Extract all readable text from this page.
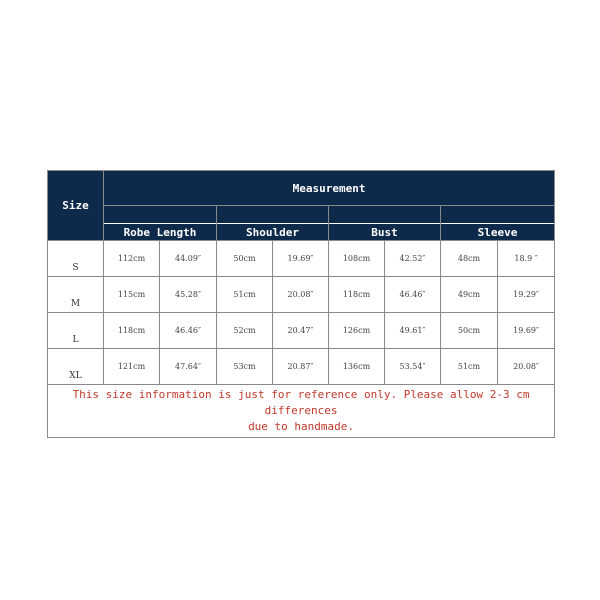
Size	Measurement							
	Robe Length		Shoulder		Bust		Sleeve	
S	112cm	44.09″	50cm	19.69″	108cm	42.52″	48cm	18.9 ″
M	115cm	45.28″	51cm	20.08″	118cm	46.46″	49cm	19.29″
L	118cm	46.46″	52cm	20.47″	126cm	49.61″	50cm	19.69″
XL	121cm	47.64″	53cm	20.87″	136cm	53.54″	51cm	20.08″

This size information is just for reference only. Please allow 2-3 cm differences
due to handmade.								
